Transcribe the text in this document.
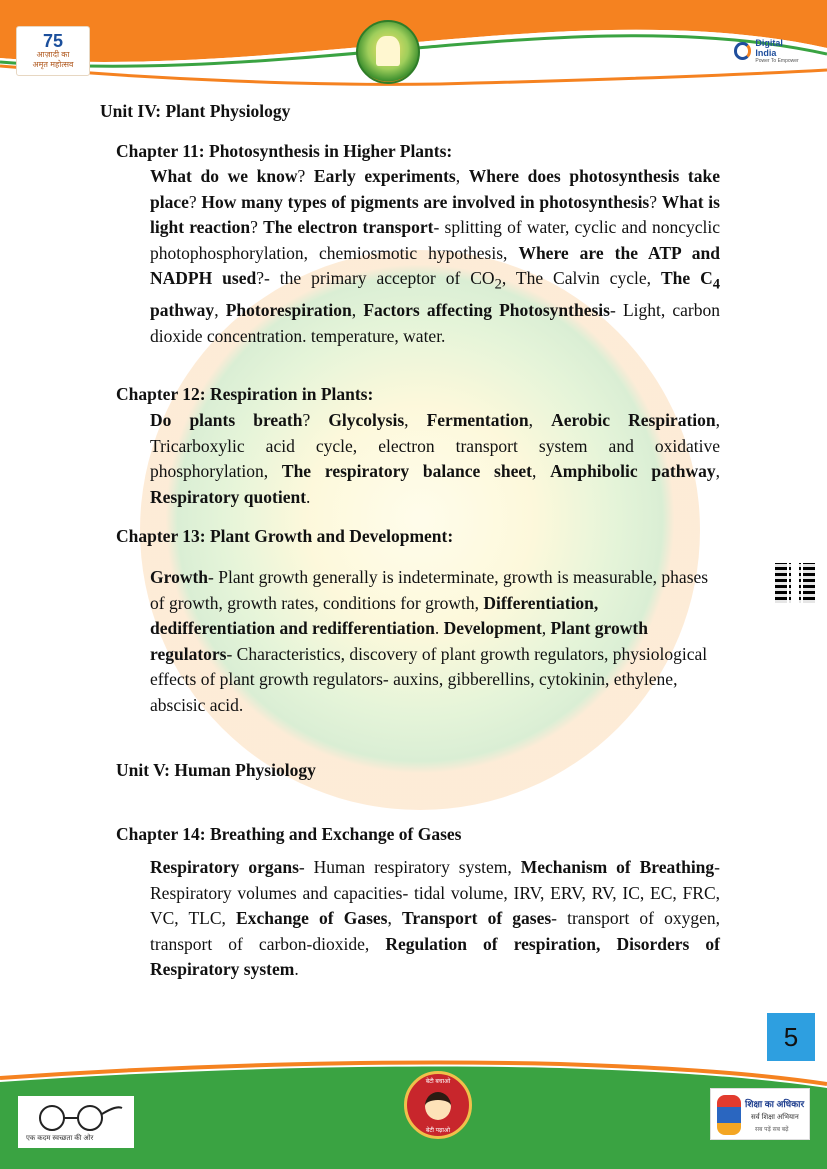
75
आज़ादी का
अमृत महोत्सव
Digital India
Power To Empower
Unit IV: Plant Physiology
Chapter 11: Photosynthesis in Higher Plants:
What do we know? Early experiments, Where does photosynthesis take place? How many types of pigments are involved in photosynthesis? What is light reaction? The electron transport- splitting of water, cyclic and noncyclic photophosphorylation, chemiosmotic hypothesis, Where are the ATP and NADPH used?- the primary acceptor of $CO_2$, The Calvin cycle, The $C_4$ pathway, Photorespiration, Factors affecting Photosynthesis- Light, carbon dioxide concentration. temperature, water.
Chapter 12: Respiration in Plants:
Do plants breath? Glycolysis, Fermentation, Aerobic Respiration, Tricarboxylic acid cycle, electron transport system and oxidative phosphorylation, The respiratory balance sheet, Amphibolic pathway, Respiratory quotient.
Chapter 13: Plant Growth and Development:
Growth- Plant growth generally is indeterminate, growth is measurable, phases of growth, growth rates, conditions for growth, Differentiation, dedifferentiation and redifferentiation. Development, Plant growth regulators- Characteristics, discovery of plant growth regulators, physiological effects of plant growth regulators- auxins, gibberellins, cytokinin, ethylene, abscisic acid.
Unit V: Human Physiology
Chapter 14: Breathing and Exchange of Gases
Respiratory organs- Human respiratory system, Mechanism of Breathing- Respiratory volumes and capacities- tidal volume, IRV, ERV, RV, IC, EC, FRC, VC, TLC, Exchange of Gases, Transport of gases- transport of oxygen, transport of carbon-dioxide, Regulation of respiration, Disorders of Respiratory system.
5
एक कदम स्वच्छता की ओर
बेटी बचाओ
बेटी पढ़ाओ
शिक्षा का अधिकार
सर्व शिक्षा अभियान
सब पढ़ें सब बढ़ें
